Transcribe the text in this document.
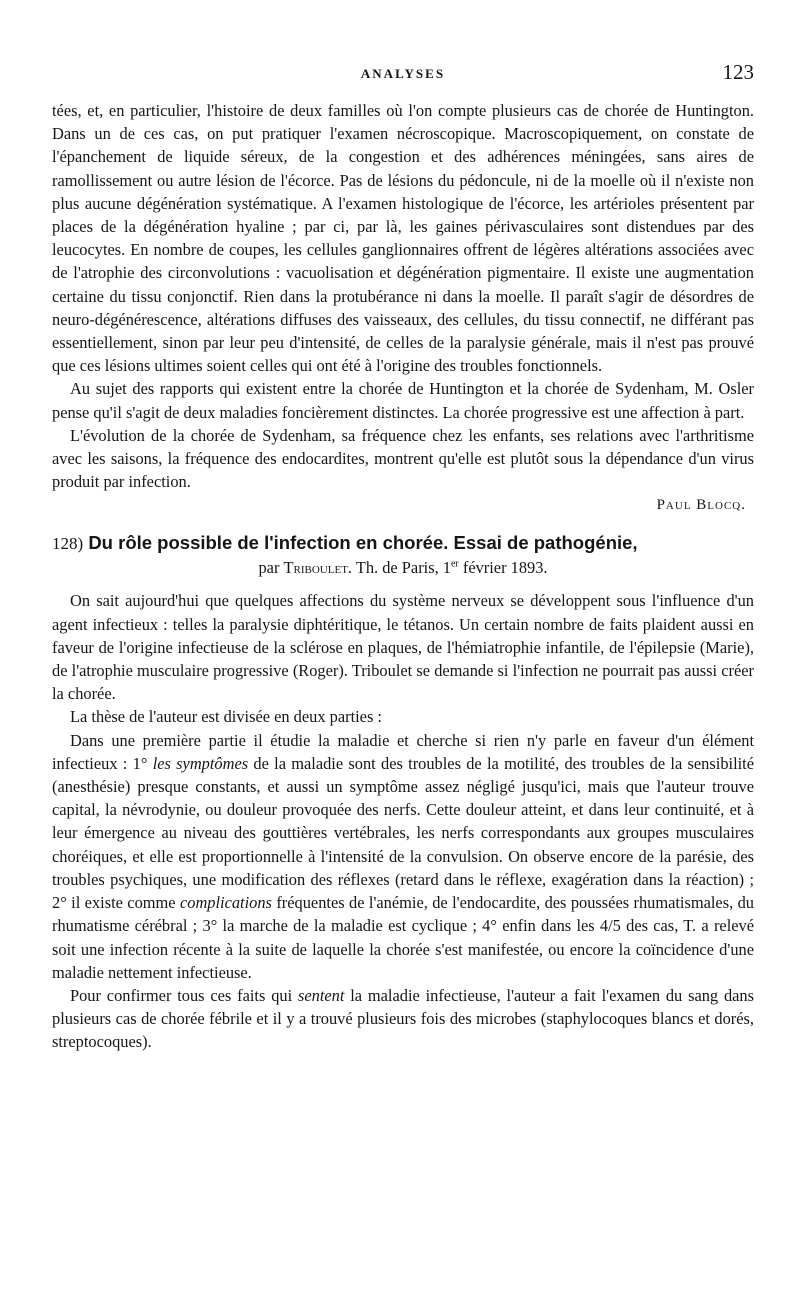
ANALYSES	123

tées, et, en particulier, l'histoire de deux familles où l'on compte plusieurs cas de chorée de Huntington. Dans un de ces cas, on put pratiquer l'examen nécroscopique. Macroscopiquement, on constate de l'épanchement de liquide séreux, de la congestion et des adhérences méningées, sans aires de ramollissement ou autre lésion de l'écorce. Pas de lésions du pédoncule, ni de la moelle où il n'existe non plus aucune dégénération systématique. A l'examen histologique de l'écorce, les artérioles présentent par places de la dégénération hyaline ; par ci, par là, les gaines périvasculaires sont distendues par des leucocytes. En nombre de coupes, les cellules ganglionnaires offrent de légères altérations associées avec de l'atrophie des circonvolutions : vacuolisation et dégénération pigmentaire. Il existe une augmentation certaine du tissu conjonctif. Rien dans la protubérance ni dans la moelle. Il paraît s'agir de désordres de neuro-dégénérescence, altérations diffuses des vaisseaux, des cellules, du tissu connectif, ne différant pas essentiellement, sinon par leur peu d'intensité, de celles de la paralysie générale, mais il n'est pas prouvé que ces lésions ultimes soient celles qui ont été à l'origine des troubles fonctionnels.

Au sujet des rapports qui existent entre la chorée de Huntington et la chorée de Sydenham, M. Osler pense qu'il s'agit de deux maladies foncièrement distinctes. La chorée progressive est une affection à part.

L'évolution de la chorée de Sydenham, sa fréquence chez les enfants, ses relations avec l'arthritisme avec les saisons, la fréquence des endocardites, montrent qu'elle est plutôt sous la dépendance d'un virus produit par infection.

Paul Blocq.
128) Du rôle possible de l'infection en chorée. Essai de pathogénie,
par Triboulet. Th. de Paris, 1er février 1893.

On sait aujourd'hui que quelques affections du système nerveux se développent sous l'influence d'un agent infectieux : telles la paralysie diphtéritique, le tétanos. Un certain nombre de faits plaident aussi en faveur de l'origine infectieuse de la sclérose en plaques, de l'hémiatrophie infantile, de l'épilepsie (Marie), de l'atrophie musculaire progressive (Roger). Triboulet se demande si l'infection ne pourrait pas aussi créer la chorée.

La thèse de l'auteur est divisée en deux parties :

Dans une première partie il étudie la maladie et cherche si rien n'y parle en faveur d'un élément infectieux : 1° les symptômes de la maladie sont des troubles de la motilité, des troubles de la sensibilité (anesthésie) presque constants, et aussi un symptôme assez négligé jusqu'ici, mais que l'auteur trouve capital, la névrodynie, ou douleur provoquée des nerfs. Cette douleur atteint, et dans leur continuité, et à leur émergence au niveau des gouttières vertébrales, les nerfs correspondants aux groupes musculaires choréiques, et elle est proportionnelle à l'intensité de la convulsion. On observe encore de la parésie, des troubles psychiques, une modification des réflexes (retard dans le réflexe, exagération dans la réaction) ; 2° il existe comme complications fréquentes de l'anémie, de l'endocardite, des poussées rhumatismales, du rhumatisme cérébral ; 3° la marche de la maladie est cyclique ; 4° enfin dans les 4/5 des cas, T. a relevé soit une infection récente à la suite de laquelle la chorée s'est manifestée, ou encore la coïncidence d'une maladie nettement infectieuse.

Pour confirmer tous ces faits qui sentent la maladie infectieuse, l'auteur a fait l'examen du sang dans plusieurs cas de chorée fébrile et il y a trouvé plusieurs fois des microbes (staphylocoques blancs et dorés, streptocoques).
